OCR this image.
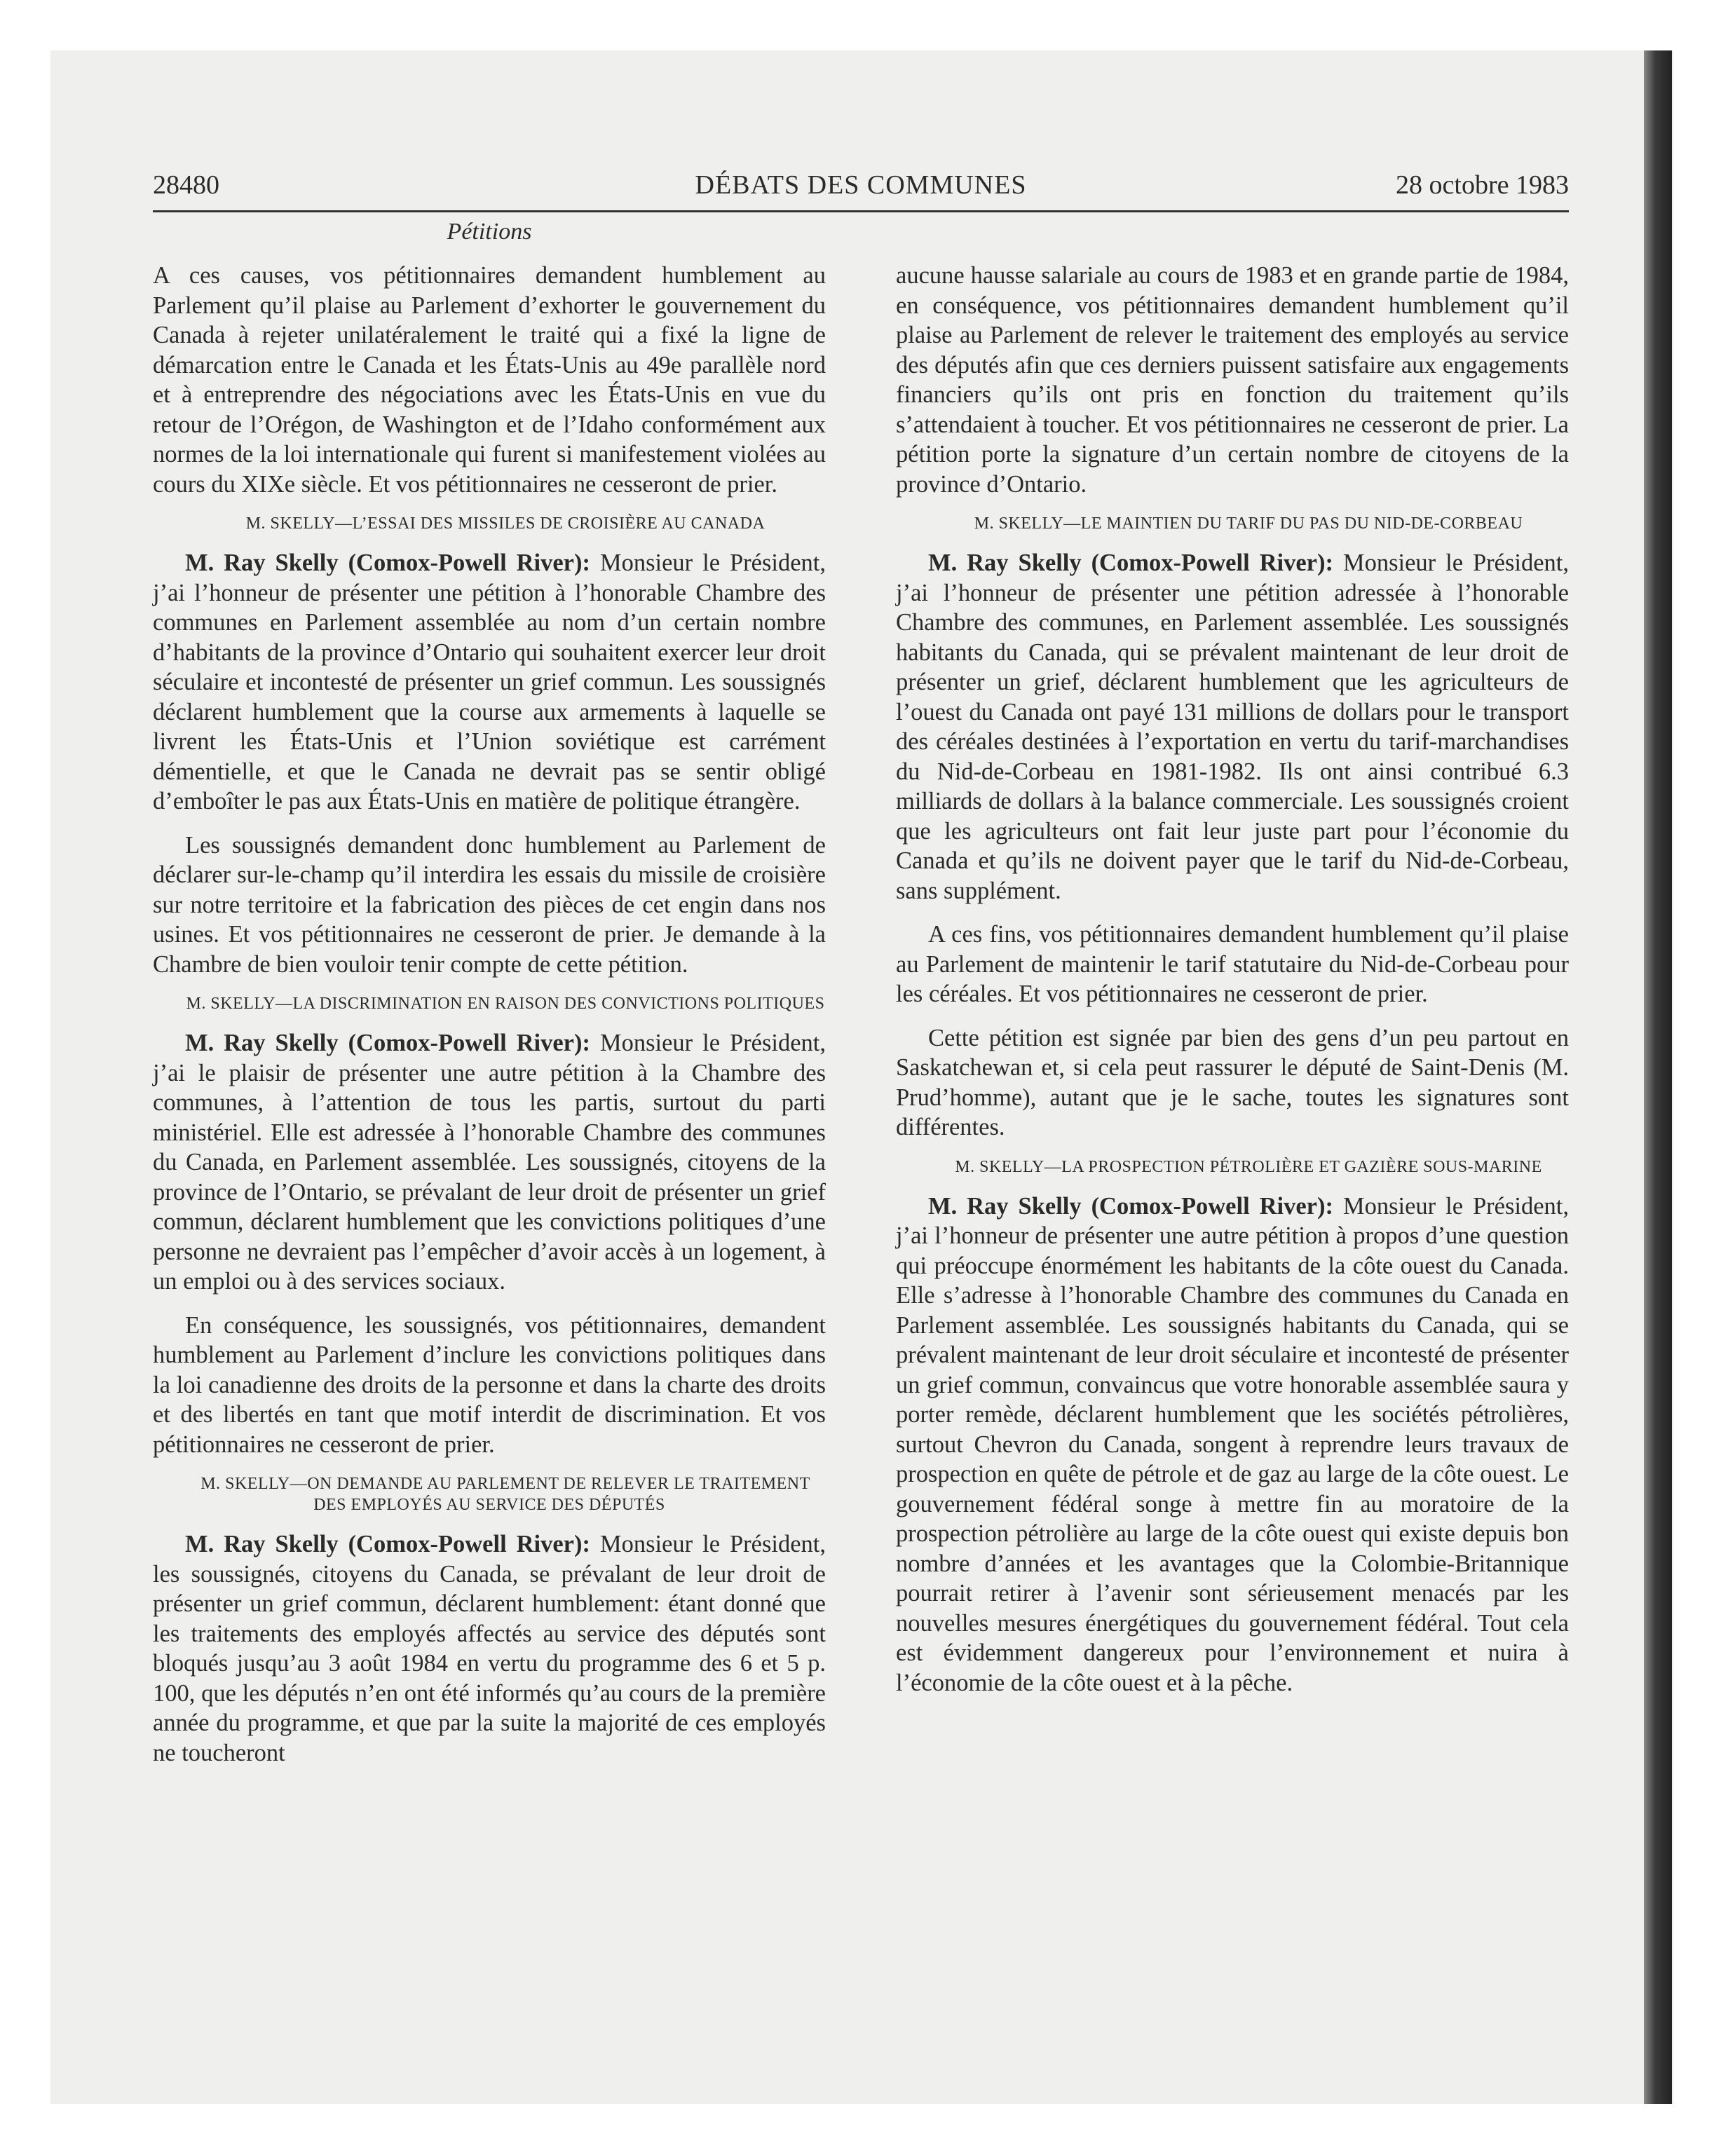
28480	DÉBATS DES COMMUNES	28 octobre 1983
Pétitions

A ces causes, vos pétitionnaires demandent humblement au Parlement qu’il plaise au Parlement d’exhorter le gouvernement du Canada à rejeter unilatéralement le traité qui a fixé la ligne de démarcation entre le Canada et les États-Unis au 49e parallèle nord et à entreprendre des négociations avec les États-Unis en vue du retour de l’Orégon, de Washington et de l’Idaho conformément aux normes de la loi internationale qui furent si manifestement violées au cours du XIXe siècle. Et vos pétitionnaires ne cesseront de prier.

M. SKELLY—L’ESSAI DES MISSILES DE CROISIÈRE AU CANADA

M. Ray Skelly (Comox-Powell River): Monsieur le Président, j’ai l’honneur de présenter une pétition à l’honorable Chambre des communes en Parlement assemblée au nom d’un certain nombre d’habitants de la province d’Ontario qui souhaitent exercer leur droit séculaire et incontesté de présenter un grief commun. Les soussignés déclarent humblement que la course aux armements à laquelle se livrent les États-Unis et l’Union soviétique est carrément démentielle, et que le Canada ne devrait pas se sentir obligé d’emboîter le pas aux États-Unis en matière de politique étrangère.

Les soussignés demandent donc humblement au Parlement de déclarer sur-le-champ qu’il interdira les essais du missile de croisière sur notre territoire et la fabrication des pièces de cet engin dans nos usines. Et vos pétitionnaires ne cesseront de prier. Je demande à la Chambre de bien vouloir tenir compte de cette pétition.

M. SKELLY—LA DISCRIMINATION EN RAISON DES CONVICTIONS POLITIQUES

M. Ray Skelly (Comox-Powell River): Monsieur le Président, j’ai le plaisir de présenter une autre pétition à la Chambre des communes, à l’attention de tous les partis, surtout du parti ministériel. Elle est adressée à l’honorable Chambre des communes du Canada, en Parlement assemblée. Les soussignés, citoyens de la province de l’Ontario, se prévalant de leur droit de présenter un grief commun, déclarent humblement que les convictions politiques d’une personne ne devraient pas l’empêcher d’avoir accès à un logement, à un emploi ou à des services sociaux.

En conséquence, les soussignés, vos pétitionnaires, demandent humblement au Parlement d’inclure les convictions politiques dans la loi canadienne des droits de la personne et dans la charte des droits et des libertés en tant que motif interdit de discrimination. Et vos pétitionnaires ne cesseront de prier.

M. SKELLY—ON DEMANDE AU PARLEMENT DE RELEVER LE TRAITEMENT DES EMPLOYÉS AU SERVICE DES DÉPUTÉS

M. Ray Skelly (Comox-Powell River): Monsieur le Président, les soussignés, citoyens du Canada, se prévalant de leur droit de présenter un grief commun, déclarent humblement: étant donné que les traitements des employés affectés au service des députés sont bloqués jusqu’au 3 août 1984 en vertu du programme des 6 et 5 p. 100, que les députés n’en ont été informés qu’au cours de la première année du programme, et que par la suite la majorité de ces employés ne toucheront

aucune hausse salariale au cours de 1983 et en grande partie de 1984, en conséquence, vos pétitionnaires demandent humblement qu’il plaise au Parlement de relever le traitement des employés au service des députés afin que ces derniers puissent satisfaire aux engagements financiers qu’ils ont pris en fonction du traitement qu’ils s’attendaient à toucher. Et vos pétitionnaires ne cesseront de prier. La pétition porte la signature d’un certain nombre de citoyens de la province d’Ontario.

M. SKELLY—LE MAINTIEN DU TARIF DU PAS DU NID-DE-CORBEAU

M. Ray Skelly (Comox-Powell River): Monsieur le Président, j’ai l’honneur de présenter une pétition adressée à l’honorable Chambre des communes, en Parlement assemblée. Les soussignés habitants du Canada, qui se prévalent maintenant de leur droit de présenter un grief, déclarent humblement que les agriculteurs de l’ouest du Canada ont payé 131 millions de dollars pour le transport des céréales destinées à l’exportation en vertu du tarif-marchandises du Nid-de-Corbeau en 1981-1982. Ils ont ainsi contribué 6.3 milliards de dollars à la balance commerciale. Les soussignés croient que les agriculteurs ont fait leur juste part pour l’économie du Canada et qu’ils ne doivent payer que le tarif du Nid-de-Corbeau, sans supplément.

A ces fins, vos pétitionnaires demandent humblement qu’il plaise au Parlement de maintenir le tarif statutaire du Nid-de-Corbeau pour les céréales. Et vos pétitionnaires ne cesseront de prier.

Cette pétition est signée par bien des gens d’un peu partout en Saskatchewan et, si cela peut rassurer le député de Saint-Denis (M. Prud’homme), autant que je le sache, toutes les signatures sont différentes.

M. SKELLY—LA PROSPECTION PÉTROLIÈRE ET GAZIÈRE SOUS-MARINE

M. Ray Skelly (Comox-Powell River): Monsieur le Président, j’ai l’honneur de présenter une autre pétition à propos d’une question qui préoccupe énormément les habitants de la côte ouest du Canada. Elle s’adresse à l’honorable Chambre des communes du Canada en Parlement assemblée. Les soussignés habitants du Canada, qui se prévalent maintenant de leur droit séculaire et incontesté de présenter un grief commun, convaincus que votre honorable assemblée saura y porter remède, déclarent humblement que les sociétés pétrolières, surtout Chevron du Canada, songent à reprendre leurs travaux de prospection en quête de pétrole et de gaz au large de la côte ouest. Le gouvernement fédéral songe à mettre fin au moratoire de la prospection pétrolière au large de la côte ouest qui existe depuis bon nombre d’années et les avantages que la Colombie-Britannique pourrait retirer à l’avenir sont sérieusement menacés par les nouvelles mesures énergétiques du gouvernement fédéral. Tout cela est évidemment dangereux pour l’environnement et nuira à l’économie de la côte ouest et à la pêche.
